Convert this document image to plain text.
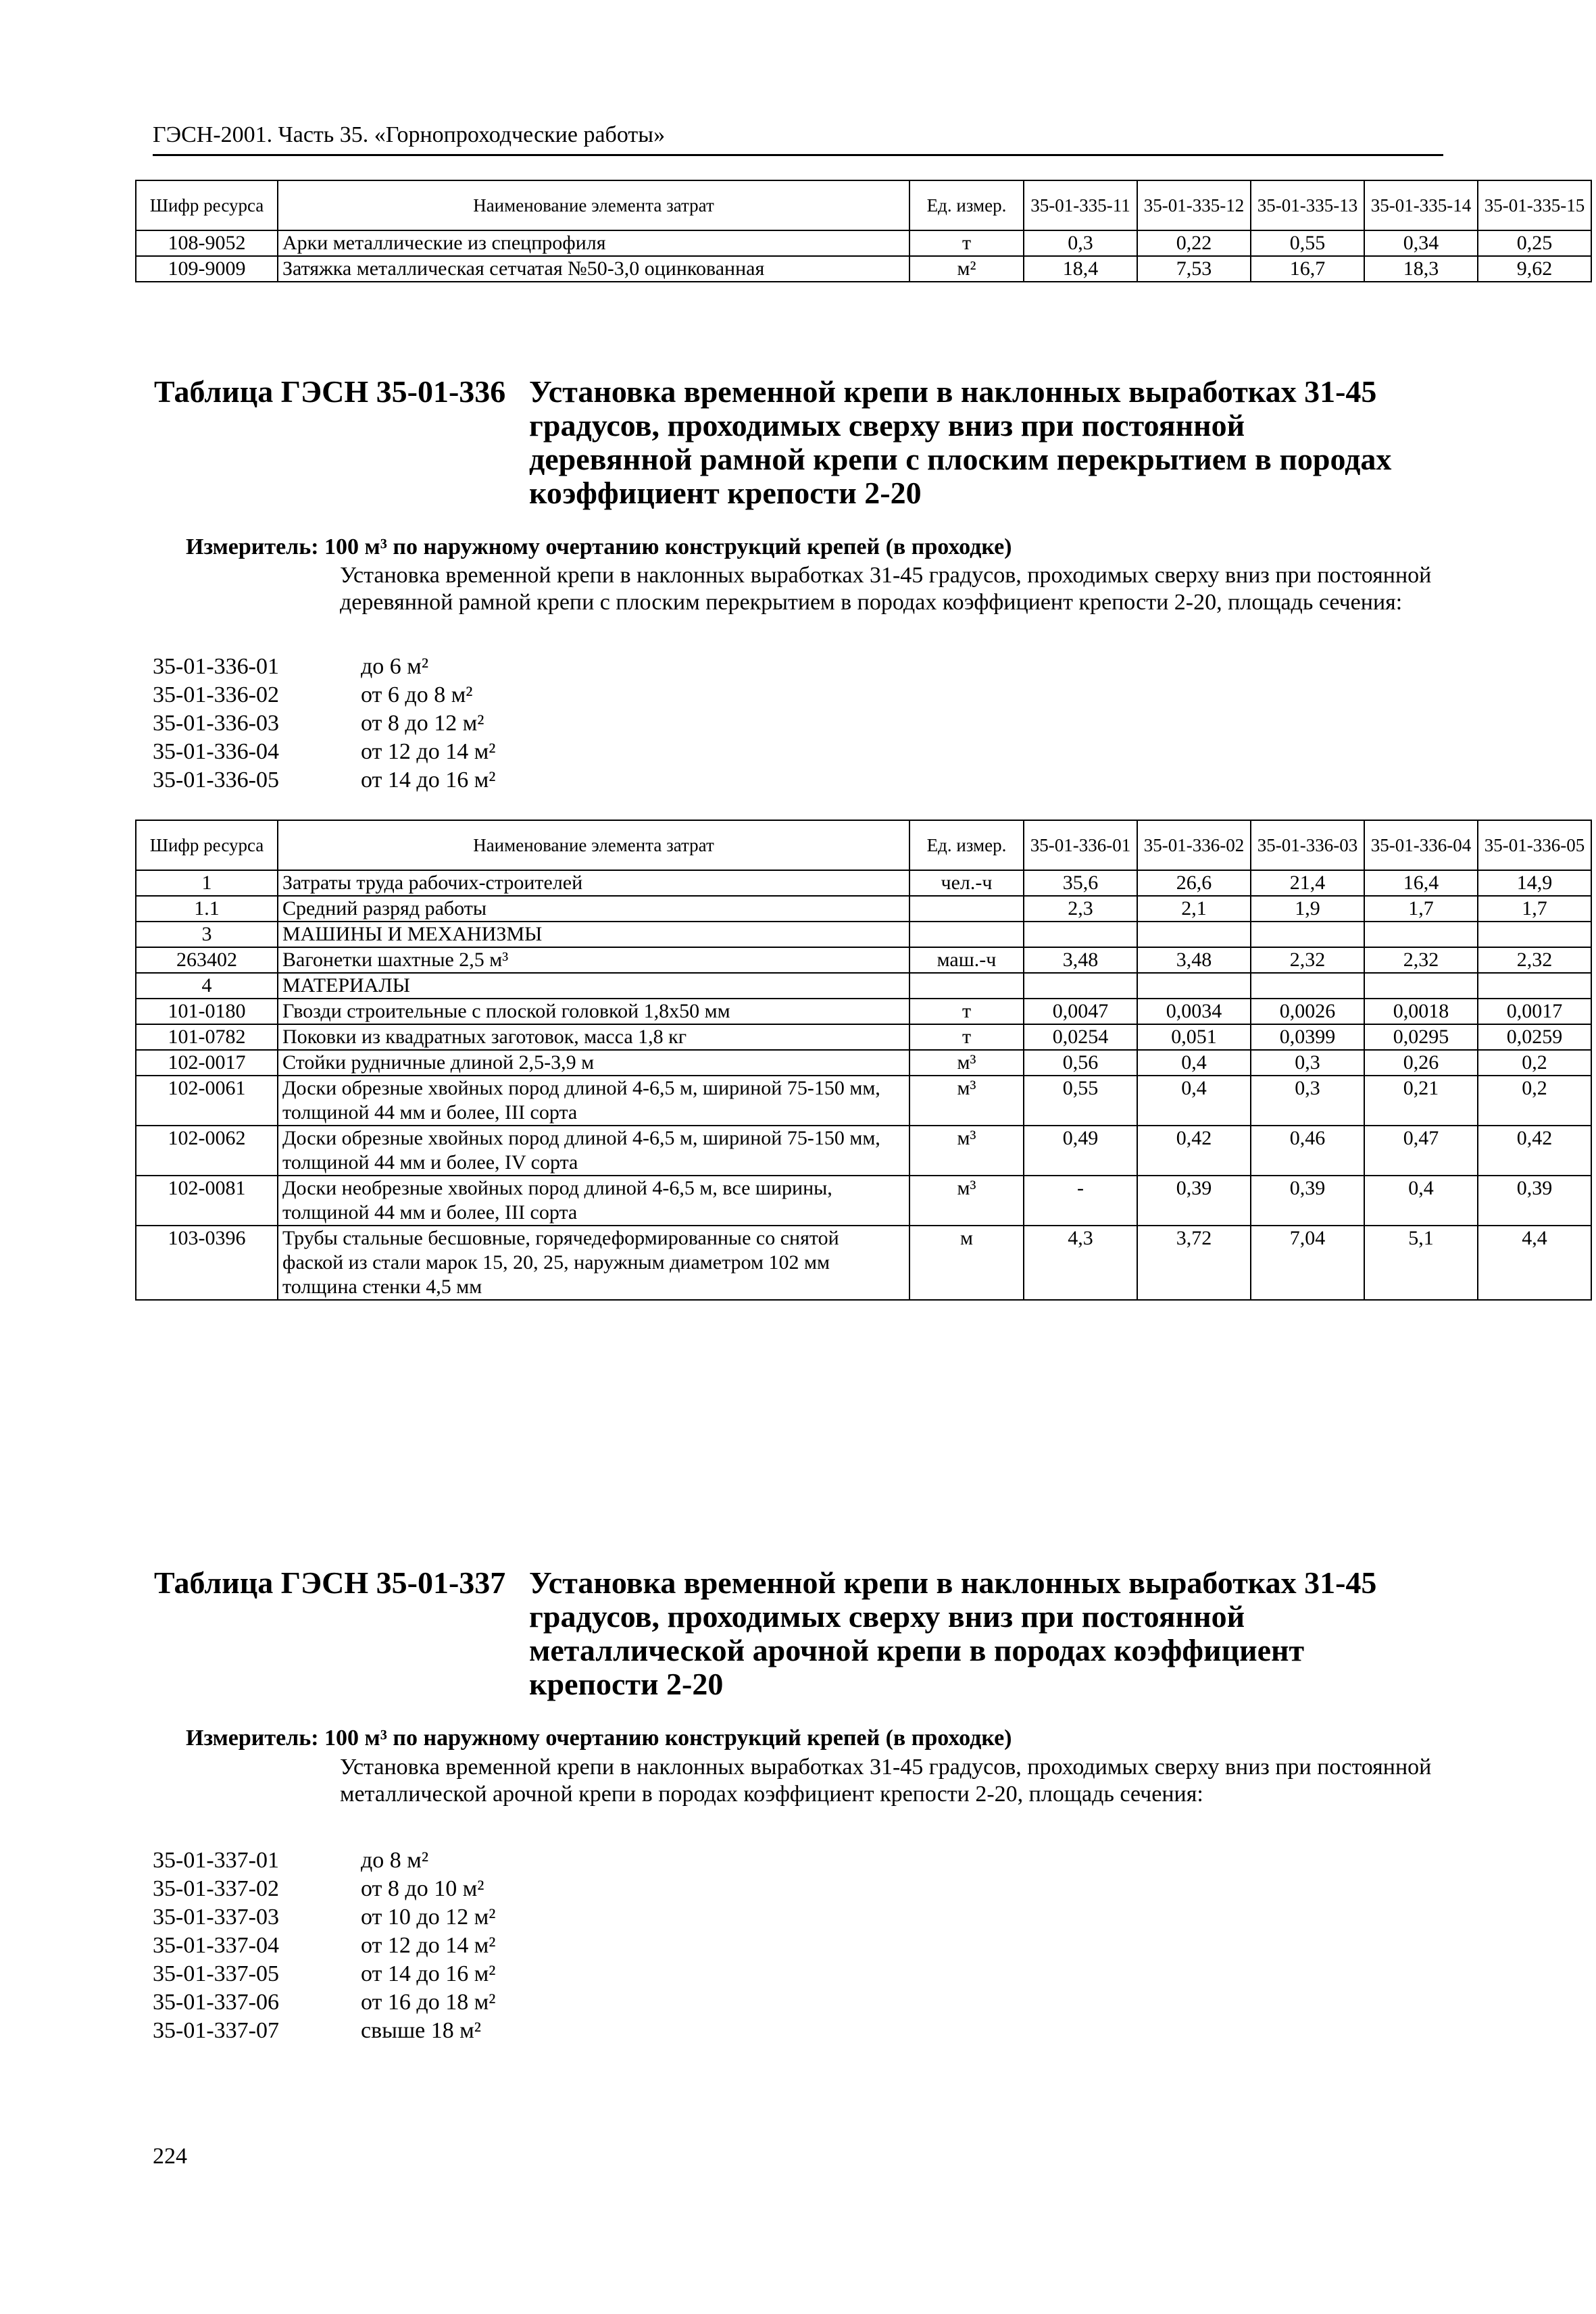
ГЭСН-2001. Часть 35. «Горнопроходческие работы»
Шифр ресурса	Наименование элемента затрат	Ед. измер.	35-01-335-11	35-01-335-12	35-01-335-13	35-01-335-14	35-01-335-15
108-9052	Арки металлические из спецпрофиля	т	0,3	0,22	0,55	0,34	0,25
109-9009	Затяжка металлическая сетчатая №50-3,0 оцинкованная	м²	18,4	7,53	16,7	18,3	9,62
Таблица ГЭСН 35-01-336 Установка временной крепи в наклонных выработках 31-45
градусов, проходимых сверху вниз при постоянной
деревянной рамной крепи с плоским перекрытием в породах
коэффициент крепости 2-20
Измеритель: 100 м³ по наружному очертанию конструкций крепей (в проходке)
Установка временной крепи в наклонных выработках 31-45 градусов, проходимых сверху вниз при постоянной деревянной рамной крепи с плоским перекрытием в породах коэффициент крепости 2-20, площадь сечения:
35-01-336-01	до 6 м²
35-01-336-02	от 6 до 8 м²
35-01-336-03	от 8 до 12 м²
35-01-336-04	от 12 до 14 м²
35-01-336-05	от 14 до 16 м²
Шифр ресурса	Наименование элемента затрат	Ед. измер.	35-01-336-01	35-01-336-02	35-01-336-03	35-01-336-04	35-01-336-05
1	Затраты труда рабочих-строителей	чел.-ч	35,6	26,6	21,4	16,4	14,9
1.1	Средний разряд работы		2,3	2,1	1,9	1,7	1,7
3	МАШИНЫ И МЕХАНИЗМЫ						
263402	Вагонетки шахтные 2,5 м³	маш.-ч	3,48	3,48	2,32	2,32	2,32
4	МАТЕРИАЛЫ						
101-0180	Гвозди строительные с плоской головкой 1,8х50 мм	т	0,0047	0,0034	0,0026	0,0018	0,0017
101-0782	Поковки из квадратных заготовок, масса 1,8 кг	т	0,0254	0,051	0,0399	0,0295	0,0259
102-0017	Стойки рудничные длиной 2,5-3,9 м	м³	0,56	0,4	0,3	0,26	0,2
102-0061	Доски обрезные хвойных пород длиной 4-6,5 м, шириной 75-150 мм, толщиной 44 мм и более, III сорта	м³	0,55	0,4	0,3	0,21	0,2
102-0062	Доски обрезные хвойных пород длиной 4-6,5 м, шириной 75-150 мм, толщиной 44 мм и более, IV сорта	м³	0,49	0,42	0,46	0,47	0,42
102-0081	Доски необрезные хвойных пород длиной 4-6,5 м, все ширины, толщиной 44 мм и более, III сорта	м³	-	0,39	0,39	0,4	0,39
103-0396	Трубы стальные бесшовные, горячедеформированные со снятой фаской из стали марок 15, 20, 25, наружным диаметром 102 мм толщина стенки 4,5 мм	м	4,3	3,72	7,04	5,1	4,4
Таблица ГЭСН 35-01-337 Установка временной крепи в наклонных выработках 31-45
градусов, проходимых сверху вниз при постоянной
металлической арочной крепи в породах коэффициент
крепости 2-20
Измеритель: 100 м³ по наружному очертанию конструкций крепей (в проходке)
Установка временной крепи в наклонных выработках 31-45 градусов, проходимых сверху вниз при постоянной металлической арочной крепи в породах коэффициент крепости 2-20, площадь сечения:
35-01-337-01	до 8 м²
35-01-337-02	от 8 до 10 м²
35-01-337-03	от 10 до 12 м²
35-01-337-04	от 12 до 14 м²
35-01-337-05	от 14 до 16 м²
35-01-337-06	от 16 до 18 м²
35-01-337-07	свыше 18 м²
224
